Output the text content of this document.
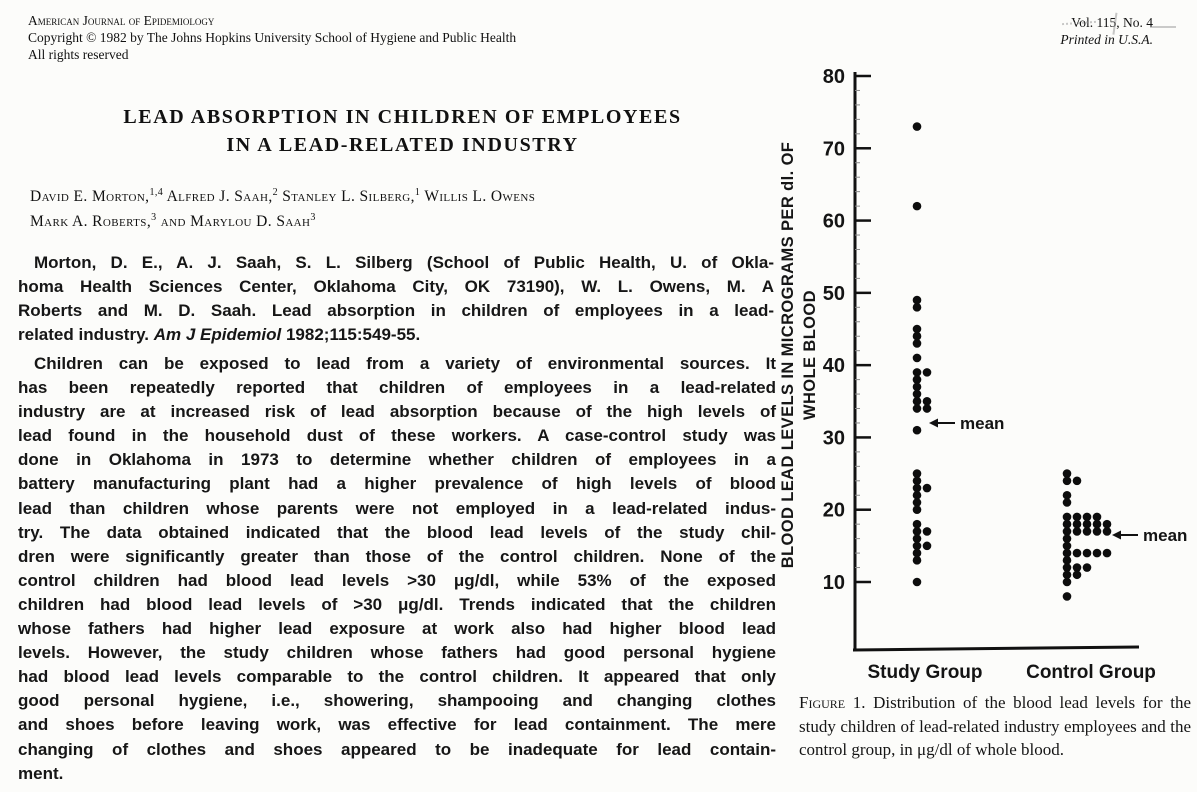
American Journal of Epidemiology
Copyright © 1982 by The Johns Hopkins University School of Hygiene and Public Health
All rights reserved
Vol. 115, No. 4
Printed in U.S.A.
LEAD ABSORPTION IN CHILDREN OF EMPLOYEES
IN A LEAD-RELATED INDUSTRY
David E. Morton,$^{1,4}$ Alfred J. Saah,$^2$ Stanley L. Silberg,$^1$ Willis L. Owens
Mark A. Roberts,$^3$ and Marylou D. Saah$^3$
Morton, D. E., A. J. Saah, S. L. Silberg (School of Public Health, U. of Okla-
homa Health Sciences Center, Oklahoma City, OK 73190), W. L. Owens, M. A
Roberts and M. D. Saah. Lead absorption in children of employees in a lead-
related industry. Am J Epidemiol 1982;115:549-55.
Children can be exposed to lead from a variety of environmental sources. It
has been repeatedly reported that children of employees in a lead-related
industry are at increased risk of lead absorption because of the high levels of
lead found in the household dust of these workers. A case-control study was
done in Oklahoma in 1973 to determine whether children of employees in a
battery manufacturing plant had a higher prevalence of high levels of blood
lead than children whose parents were not employed in a lead-related indus-
try. The data obtained indicated that the blood lead levels of the study chil-
dren were significantly greater than those of the control children. None of the
control children had blood lead levels >30 μg/dl, while 53% of the exposed
children had blood lead levels of >30 μg/dl. Trends indicated that the children
whose fathers had higher lead exposure at work also had higher blood lead
levels. However, the study children whose fathers had good personal hygiene
had blood lead levels comparable to the control children. It appeared that only
good personal hygiene, i.e., showering, shampooing and changing clothes
and shoes before leaving work, was effective for lead containment. The mere
changing of clothes and shoes appeared to be inadequate for lead contain-
ment.
BLOOD LEAD LEVELS IN MICROGRAMS PER dl. OF WHOLE BLOOD
10
20
30
40
50
60
70
80
mean
mean
Study Group Control Group
Figure 1. Distribution of the blood lead levels for the study children of lead-related industry employees and the control group, in μg/dl of whole blood.
